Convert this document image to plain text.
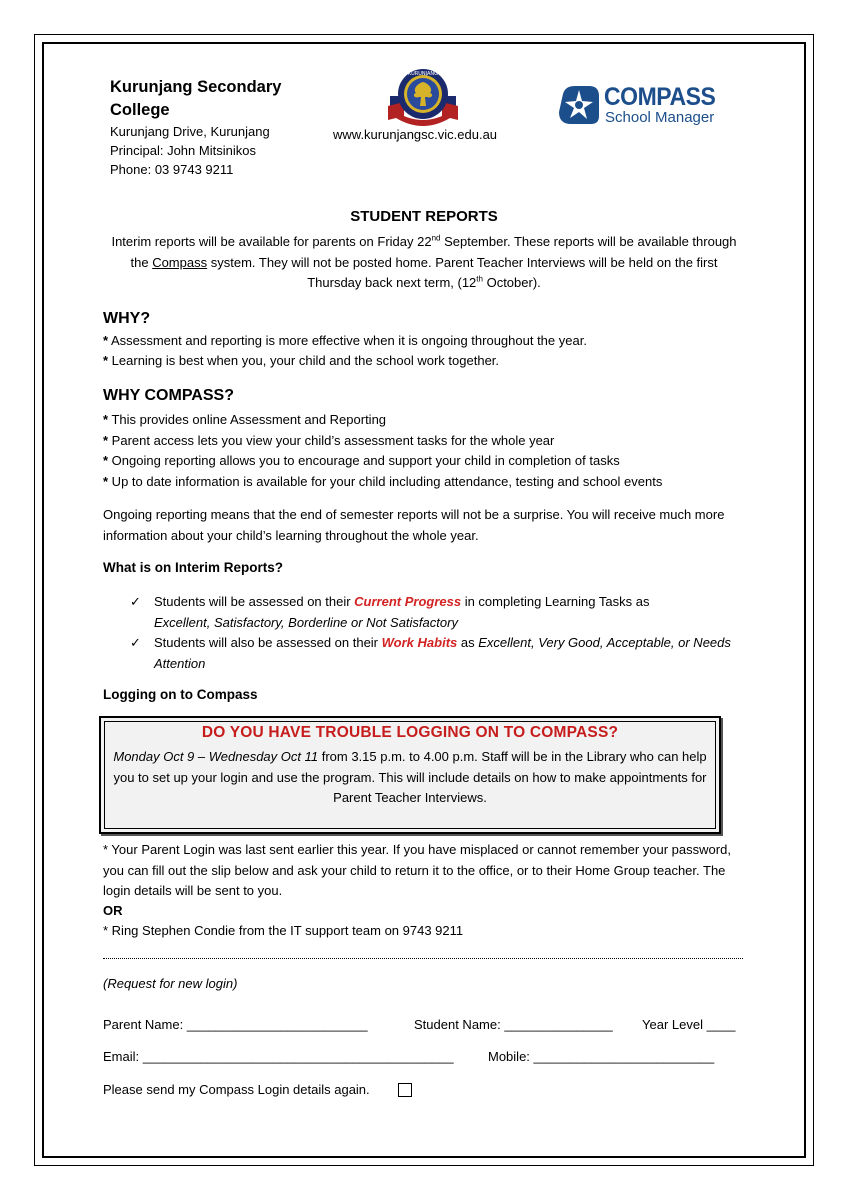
Kurunjang Secondary College
Kurunjang Drive, Kurunjang
Principal: John Mitsinikos
Phone: 03 9743 9211
KURUNJANG
www.kurunjangsc.vic.edu.au
COMPASS
School Manager
STUDENT REPORTS
Interim reports will be available for parents on Friday 22nd September. These reports will be available through the Compass system. They will not be posted home. Parent Teacher Interviews will be held on the first Thursday back next term, (12th October).
WHY?
* Assessment and reporting is more effective when it is ongoing throughout the year.
* Learning is best when you, your child and the school work together.
WHY COMPASS?
* This provides online Assessment and Reporting
* Parent access lets you view your child’s assessment tasks for the whole year
* Ongoing reporting allows you to encourage and support your child in completion of tasks
* Up to date information is available for your child including attendance, testing and school events
Ongoing reporting means that the end of semester reports will not be a surprise. You will receive much more information about your child’s learning throughout the whole year.
What is on Interim Reports?
✓	Students will be assessed on their Current Progress in completing Learning Tasks as
Excellent, Satisfactory, Borderline or Not Satisfactory
✓	Students will also be assessed on their Work Habits as Excellent, Very Good, Acceptable, or Needs Attention
Logging on to Compass
DO YOU HAVE TROUBLE LOGGING ON TO COMPASS?
Monday Oct 9 – Wednesday Oct 11 from 3.15 p.m. to 4.00 p.m. Staff will be in the Library who can help you to set up your login and use the program. This will include details on how to make appointments for Parent Teacher Interviews.
* Your Parent Login was last sent earlier this year. If you have misplaced or cannot remember your password, you can fill out the slip below and ask your child to return it to the office, or to their Home Group teacher. The login details will be sent to you.
OR
* Ring Stephen Condie from the IT support team on 9743 9211
(Request for new login)
Parent Name: _________________________	Student Name: _______________ Year Level ____
Email: ___________________________________________	Mobile: _________________________
Please send my Compass Login details again.
